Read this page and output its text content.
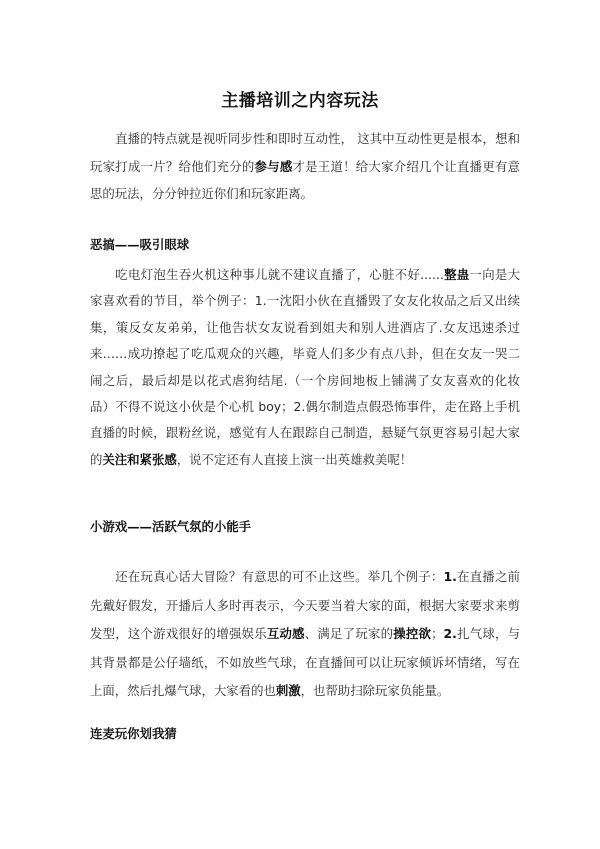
主播培训之内容玩法

直播的特点就是视听同步性和即时互动性， 这其中互动性更是根本，想和玩家打成一片？给他们充分的参与感才是王道！给大家介绍几个让直播更有意思的玩法，分分钟拉近你们和玩家距离。

恶搞——吸引眼球

吃电灯泡生吞火机这种事儿就不建议直播了，心脏不好......整蛊一向是大家喜欢看的节目，举个例子：1.一沈阳小伙在直播毁了女友化妆品之后又出续集，策反女友弟弟，让他告状女友说看到姐夫和别人进酒店了.女友迅速杀过来……成功撩起了吃瓜观众的兴趣，毕竟人们多少有点八卦，但在女友一哭二闹之后，最后却是以花式虐狗结尾.（一个房间地板上铺满了女友喜欢的化妆品）不得不说这小伙是个心机 boy；2.偶尔制造点假恐怖事件，走在路上手机直播的时候，跟粉丝说，感觉有人在跟踪自己制造，悬疑气氛更容易引起大家的关注和紧张感，说不定还有人直接上演一出英雄救美呢！

小游戏——活跃气氛的小能手

还在玩真心话大冒险？有意思的可不止这些。举几个例子：1.在直播之前先戴好假发，开播后人多时再表示，今天要当着大家的面，根据大家要求来剪发型，这个游戏很好的增强娱乐互动感、满足了玩家的操控欲；2.扎气球，与其背景都是公仔墙纸，不如放些气球，在直播间可以让玩家倾诉坏情绪，写在上面，然后扎爆气球，大家看的也刺激，也帮助扫除玩家负能量。

连麦玩你划我猜
